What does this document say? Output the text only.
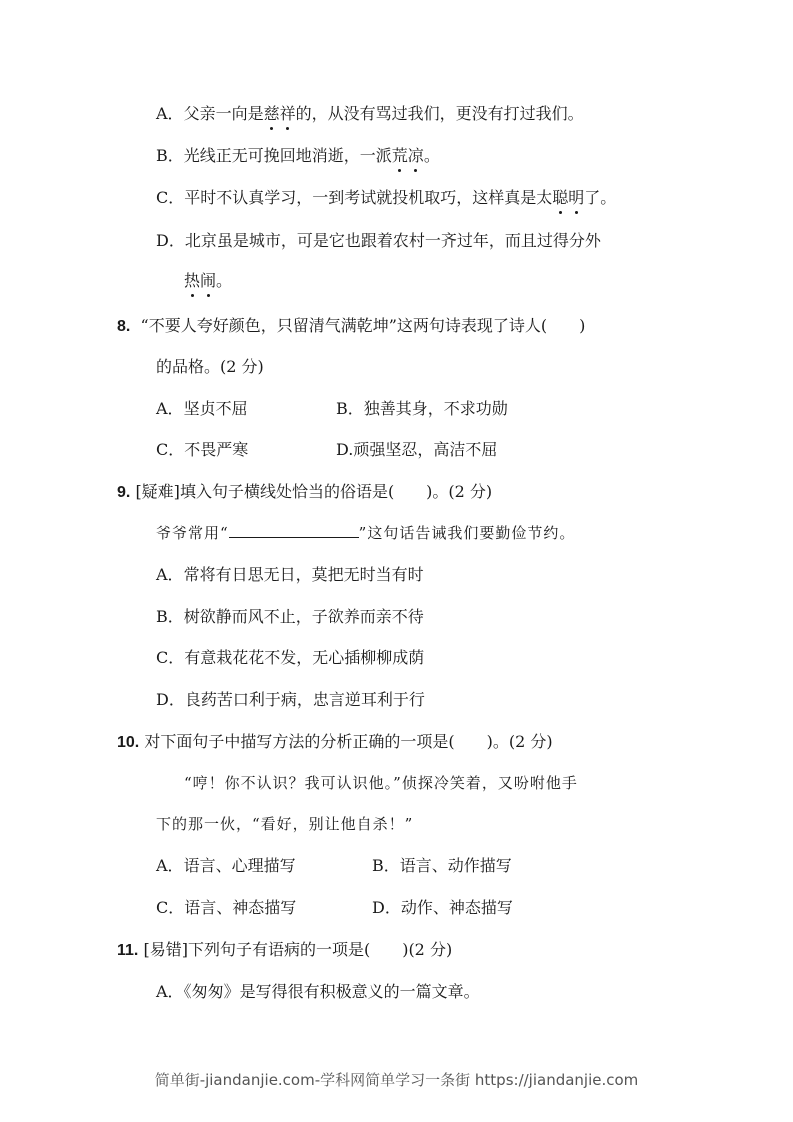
A．父亲一向是慈祥的，从没有骂过我们，更没有打过我们。
B．光线正无可挽回地消逝，一派荒凉。
C．平时不认真学习，一到考试就投机取巧，这样真是太聪明了。
D．北京虽是城市，可是它也跟着农村一齐过年，而且过得分外
热闹。
8. “不要人夸好颜色，只留清气满乾坤”这两句诗表现了诗人(　　)
的品格。(2 分)
A．坚贞不屈	B．独善其身，不求功勋
C．不畏严寒	D.顽强坚忍，高洁不屈
9. [疑难]填入句子横线处恰当的俗语是(　　)。(2 分)
爷爷常用“	”这句话告诫我们要勤俭节约。
A．常将有日思无日，莫把无时当有时
B．树欲静而风不止，子欲养而亲不待
C．有意栽花花不发，无心插柳柳成荫
D．良药苦口利于病，忠言逆耳利于行
10. 对下面句子中描写方法的分析正确的一项是(　　)。(2 分)
“哼！你不认识？我可认识他。”侦探冷笑着，又吩咐他手
下的那一伙，“看好，别让他自杀！”
A．语言、心理描写	B．语言、动作描写
C．语言、神态描写	D．动作、神态描写
11. [易错]下列句子有语病的一项是(　　)(2 分)
A．《匆匆》是写得很有积极意义的一篇文章。
简单街-jiandanjie.com-学科网简单学习一条街 https://jiandanjie.com
